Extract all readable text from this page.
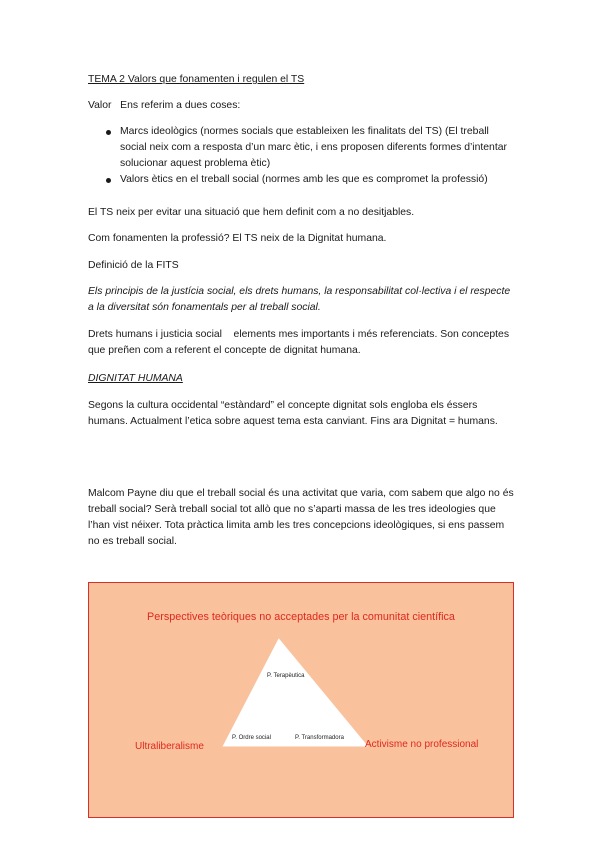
TEMA 2 Valors que fonamenten i regulen el TS

Valor Ens referim a dues coses:

Marcs ideològics (normes socials que estableixen les finalitats del TS) (El treball social neix com a resposta d’un marc ètic, i ens proposen diferents formes d’intentar solucionar aquest problema ètic)
Valors ètics en el treball social (normes amb les que es compromet la professió)

El TS neix per evitar una situació que hem definit com a no desitjables.

Com fonamenten la professió? El TS neix de la Dignitat humana.

Definició de la FITS

Els principis de la justícia social, els drets humans, la responsabilitat col·lectiva i el respecte a la diversitat són fonamentals per al treball social.

Drets humans i justicia social elements mes importants i més referenciats. Son conceptes que preñen com a referent el concepte de dignitat humana.

DIGNITAT HUMANA

Segons la cultura occidental “estàndard” el concepte dignitat sols engloba els éssers humans. Actualment l’etica sobre aquest tema esta canviant. Fins ara Dignitat = humans.

Malcom Payne diu que el treball social és una activitat que varia, com sabem que algo no és treball social? Serà treball social tot allò que no s’aparti massa de les tres ideologies que l’han vist néixer. Tota pràctica limita amb les tres concepcions ideològiques, si ens passem no es treball social.

Perspectives teòriques no acceptades per la comunitat científica
P. Terapèutica
P. Ordre social	P. Transformadora
Ultraliberalisme	Activisme no professional
